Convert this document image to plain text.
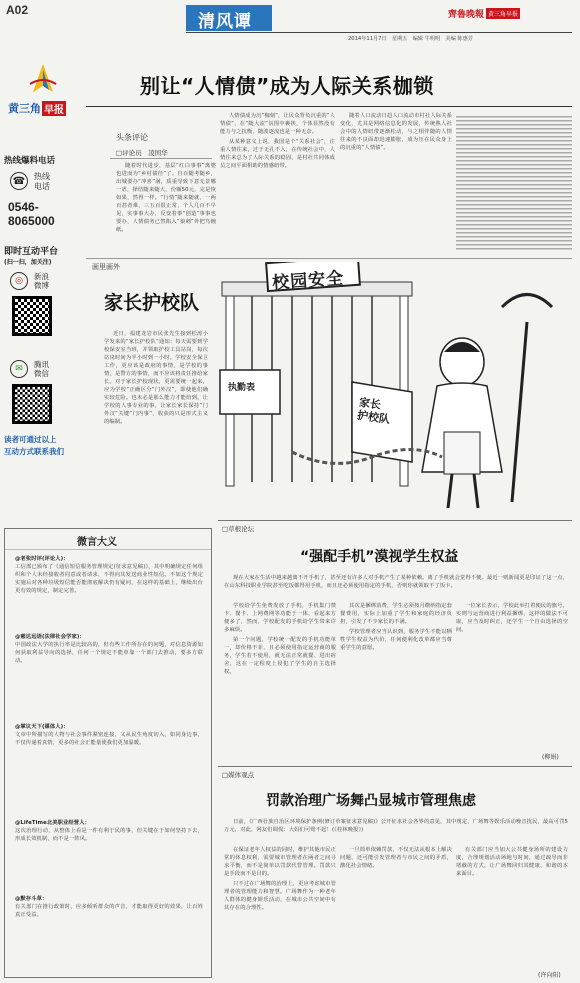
A02
清风谭	齊魯晚報 黄三角早报
2014年11月7日　星期五　编辑 牛明明　美编 陈惠芳
黄三角 早报
热线爆料电话
☎	热线
电话
0546-
8065000
即时互动平台
(扫一扫，加关注)
◎	新浪
微博
✉	腾讯
微信
读者可通过以上
互动方式联系我们
别让“人情债”成为人际关系枷锁
头条评论
□评论员　凌国华

随着时代进步，基层“红白事事”离婆也进而为“乡村债径”了。自百随考随乡，出城要办“冲喜”满，质重导致下意无景哪一虐，择结随来随大，份额50元，完是恢如果，然得一样。“行情”随来随就，一两百甚者难，三五百很正常，个人几百不早见，实事事大办，反变着事“创造”事事也要办，人情债务已然陷入“狼刺”外把鸟缠纸。

人情债成为沉“枷刻”，让民众背负沉重的“人情债”，在“随大流”氛围中裹挟，个体显然没有能力与之抗衡，随波逐流也是一种无奈。

从某种意义上说，我国是个“关系社会”，注重人情往来，过于无孔不入，在传统社会中，人情往来总为了人际关系的稳固，是村社共同体成员之间平面相助的情感纽带。

随着人口流动日趋人口流动市村社人际关系变化，尤其是网络信息化的发展，传统熟人社会中的人情纽带逐渐松动，与之相伴随的人情往来的不良面却迅速膨胀，成为压在民众身上的沉重的“人情债”。

画里画外
家长护校队
近日，福建龙岩市民张先生接到松涛小学发来的“家长护校队”通知：每天需要到学校保安室当班，并领取护校工具站岗，每次站岗时间为半小时到一小时。学校安全保卫工作，更应该是政府的事情，是学校的事情，是警方的事情，而不应该将责任推给家长。对于家长护校现状，更需要统一起来，应为学校“正确区分“门外汉”，即使他们确实较危险。也未必是那么能力才能给到。让学校的人事专业的事，让家长家长保持“门外汉”关键“门内事”，收获的只是形式主义的编制。
校园安全
执勤表
家长
护校队
微言大义
@老张时评(评论人)：
工信部已颁布了《通信短信服务管理规定(征求意见稿)》，其中明确规定任何组织和个人未经接收者同意或者请求，不得向其发送商业性短信。不如这个规定实施后对各种垃圾短信能否能彻底解决仍有疑问，在这样的基础上，继续出台更有效的规定，制定完善。
@慈达远语(法律社会学家)：
中国政法大学的执行率是比较高的，但有些工作所存在的问题，对信息资源如何获取利益导向的选择，任何一个规定不能单靠一个部门去推动，要多方联动。
@掌议天下(媒体人)：
文章中所描写的人物与社会事件紧密连接，又从民生角度切入，如同身边事，不仅传递着真情，更多的社会正能量使我们更加温暖。
@LifeTime北美职业经营人：
这次治理行动，从整体上看是一件有利于民的事，但关键在于如何坚持下去，形成长效机制，而不是一阵风。
@默存斗草：
有关部门在推行政策时，应多倾听群众的声音，才能取得更好的效果，让百姓真正受益。
□草根论坛
“强配手机”漠视学生权益

现在大家在生活中越来越离不开手机了，甚至还有许多人对手机产生了某种依赖。离了手机就会觉得不便。最近一则新闻更是印证了这一点，在山东科技职业学院甚至吃饭都得用手机，而且还必须使用指定的手机，否则你就领取不了饭卡。

学校给学生免费发放了手机，手机集门禁卡、餐卡、上网费网等功能于一体，看起来方便多了，然而，学校配发的手机给学生带来许多麻烦。

第一个问题，学校统一配发的手机功能单一，却价格不菲，且必须使用指定运营商的服务，学生若不使用，就无法正常就餐、进出宿舍，这在一定程度上侵犯了学生的自主选择权。

其次是捆绑消费，学生必须按月缴纳指定套餐费用，实际上加重了学生和家庭的经济负担，引发了不少家长的不满。

学校管理者应当认识到，服务学生不能以牺牲学生权益为代价，任何便利化改革都应当尊重学生的意愿。

一位家长表示，学校此举打着便民的旗号，实则与运营商进行利益捆绑，这样的做法不可取，应当及时纠正，还学生一个自由选择的空间。

(柳娟)
□媒体观点
罚款治理广场舞凸显城市管理焦虑

日前，《广西壮族自治区环境保护条例(修订草案征求意见稿)》公开征求社会各界的意见，其中规定，广场舞等娱乐活动噪音扰民，最高可罚5万元，对此，网友们调侃：大妈们可赔不起！(《桂林晚报》)

在保证老年人权益的同时，维护其他市民正常的休息权利，需要城市管理者在两者之间寻求平衡，而不是简单以罚款代替管理。罚款只是手段而不是目的。

只不过在广场舞的治理上，更应考虑城市管理者的管理能力和智慧。广场舞作为一种老年人群体的健身娱乐活动，在城市公共空间中有其存在的合理性。

一旦简单依赖罚款，不仅无法从根本上解决问题，还可能引发管理者与市民之间的矛盾，激化社会情绪。

有关部门应当加大公共健身场所的建设力度，合理规划活动场地与时间，通过疏导而非堵截的方式，让广场舞回归其健康、和谐的本来面目。

(许向阳)
